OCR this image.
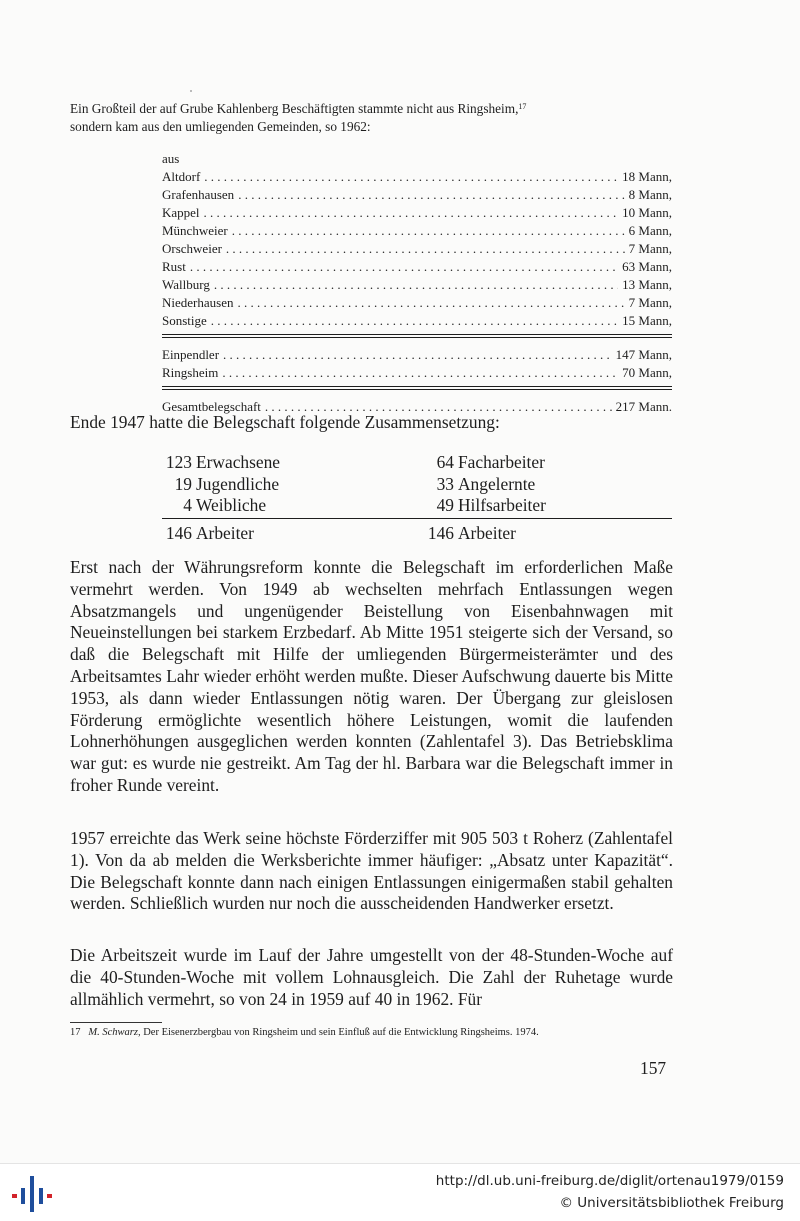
Ein Großteil der auf Grube Kahlenberg Beschäftigten stammte nicht aus Ringsheim,$^{17}$

sondern kam aus den umliegenden Gemeinden, so 1962:

aus
Altdorf . . .	18 Mann,
Grafenhausen . . .	8 Mann,
Kappel . . .	10 Mann,
Münchweier . . .	6 Mann,
Orschweier . . .	7 Mann,
Rust . . .	63 Mann,
Wallburg . . .	13 Mann,
Niederhausen . . .	7 Mann,
Sonstige . . .	15 Mann,
Einpendler . . .	147 Mann,
Ringsheim . . .	70 Mann,
Gesamtbelegschaft . . .	217 Mann.
Ende 1947 hatte die Belegschaft folgende Zusammensetzung:
123 Erwachsene	64 Facharbeiter
19 Jugendliche	33 Angelernte
4 Weibliche	49 Hilfsarbeiter
146 Arbeiter	146 Arbeiter

Erst nach der Währungsreform konnte die Belegschaft im erforderlichen Maße vermehrt werden. Von 1949 ab wechselten mehrfach Entlassungen wegen Absatzmangels und ungenügender Beistellung von Eisenbahnwagen mit Neueinstellungen bei starkem Erzbedarf. Ab Mitte 1951 steigerte sich der Versand, so daß die Belegschaft mit Hilfe der umliegenden Bürgermeisterämter und des Arbeitsamtes Lahr wieder erhöht werden mußte. Dieser Aufschwung dauerte bis Mitte 1953, als dann wieder Entlassungen nötig waren. Der Übergang zur gleislosen Förderung ermöglichte wesentlich höhere Leistungen, womit die laufenden Lohnerhöhungen ausgeglichen werden konnten (Zahlentafel 3). Das Betriebsklima war gut: es wurde nie gestreikt. Am Tag der hl. Barbara war die Belegschaft immer in froher Runde vereint.

1957 erreichte das Werk seine höchste Förderziffer mit 905 503 t Roherz (Zahlentafel 1). Von da ab melden die Werksberichte immer häufiger: „Absatz unter Kapazität“. Die Belegschaft konnte dann nach einigen Entlassungen einigermaßen stabil gehalten werden. Schließlich wurden nur noch die ausscheidenden Handwerker ersetzt.

Die Arbeitszeit wurde im Lauf der Jahre umgestellt von der 48-Stunden-Woche auf die 40-Stunden-Woche mit vollem Lohnausgleich. Die Zahl der Ruhetage wurde allmählich vermehrt, so von 24 in 1959 auf 40 in 1962. Für

17 M. Schwarz, Der Eisenerzbergbau von Ringsheim und sein Einfluß auf die Entwicklung Ringsheims. 1974.
157
http://dl.ub.uni-freiburg.de/diglit/ortenau1979/0159
© Universitätsbibliothek Freiburg
